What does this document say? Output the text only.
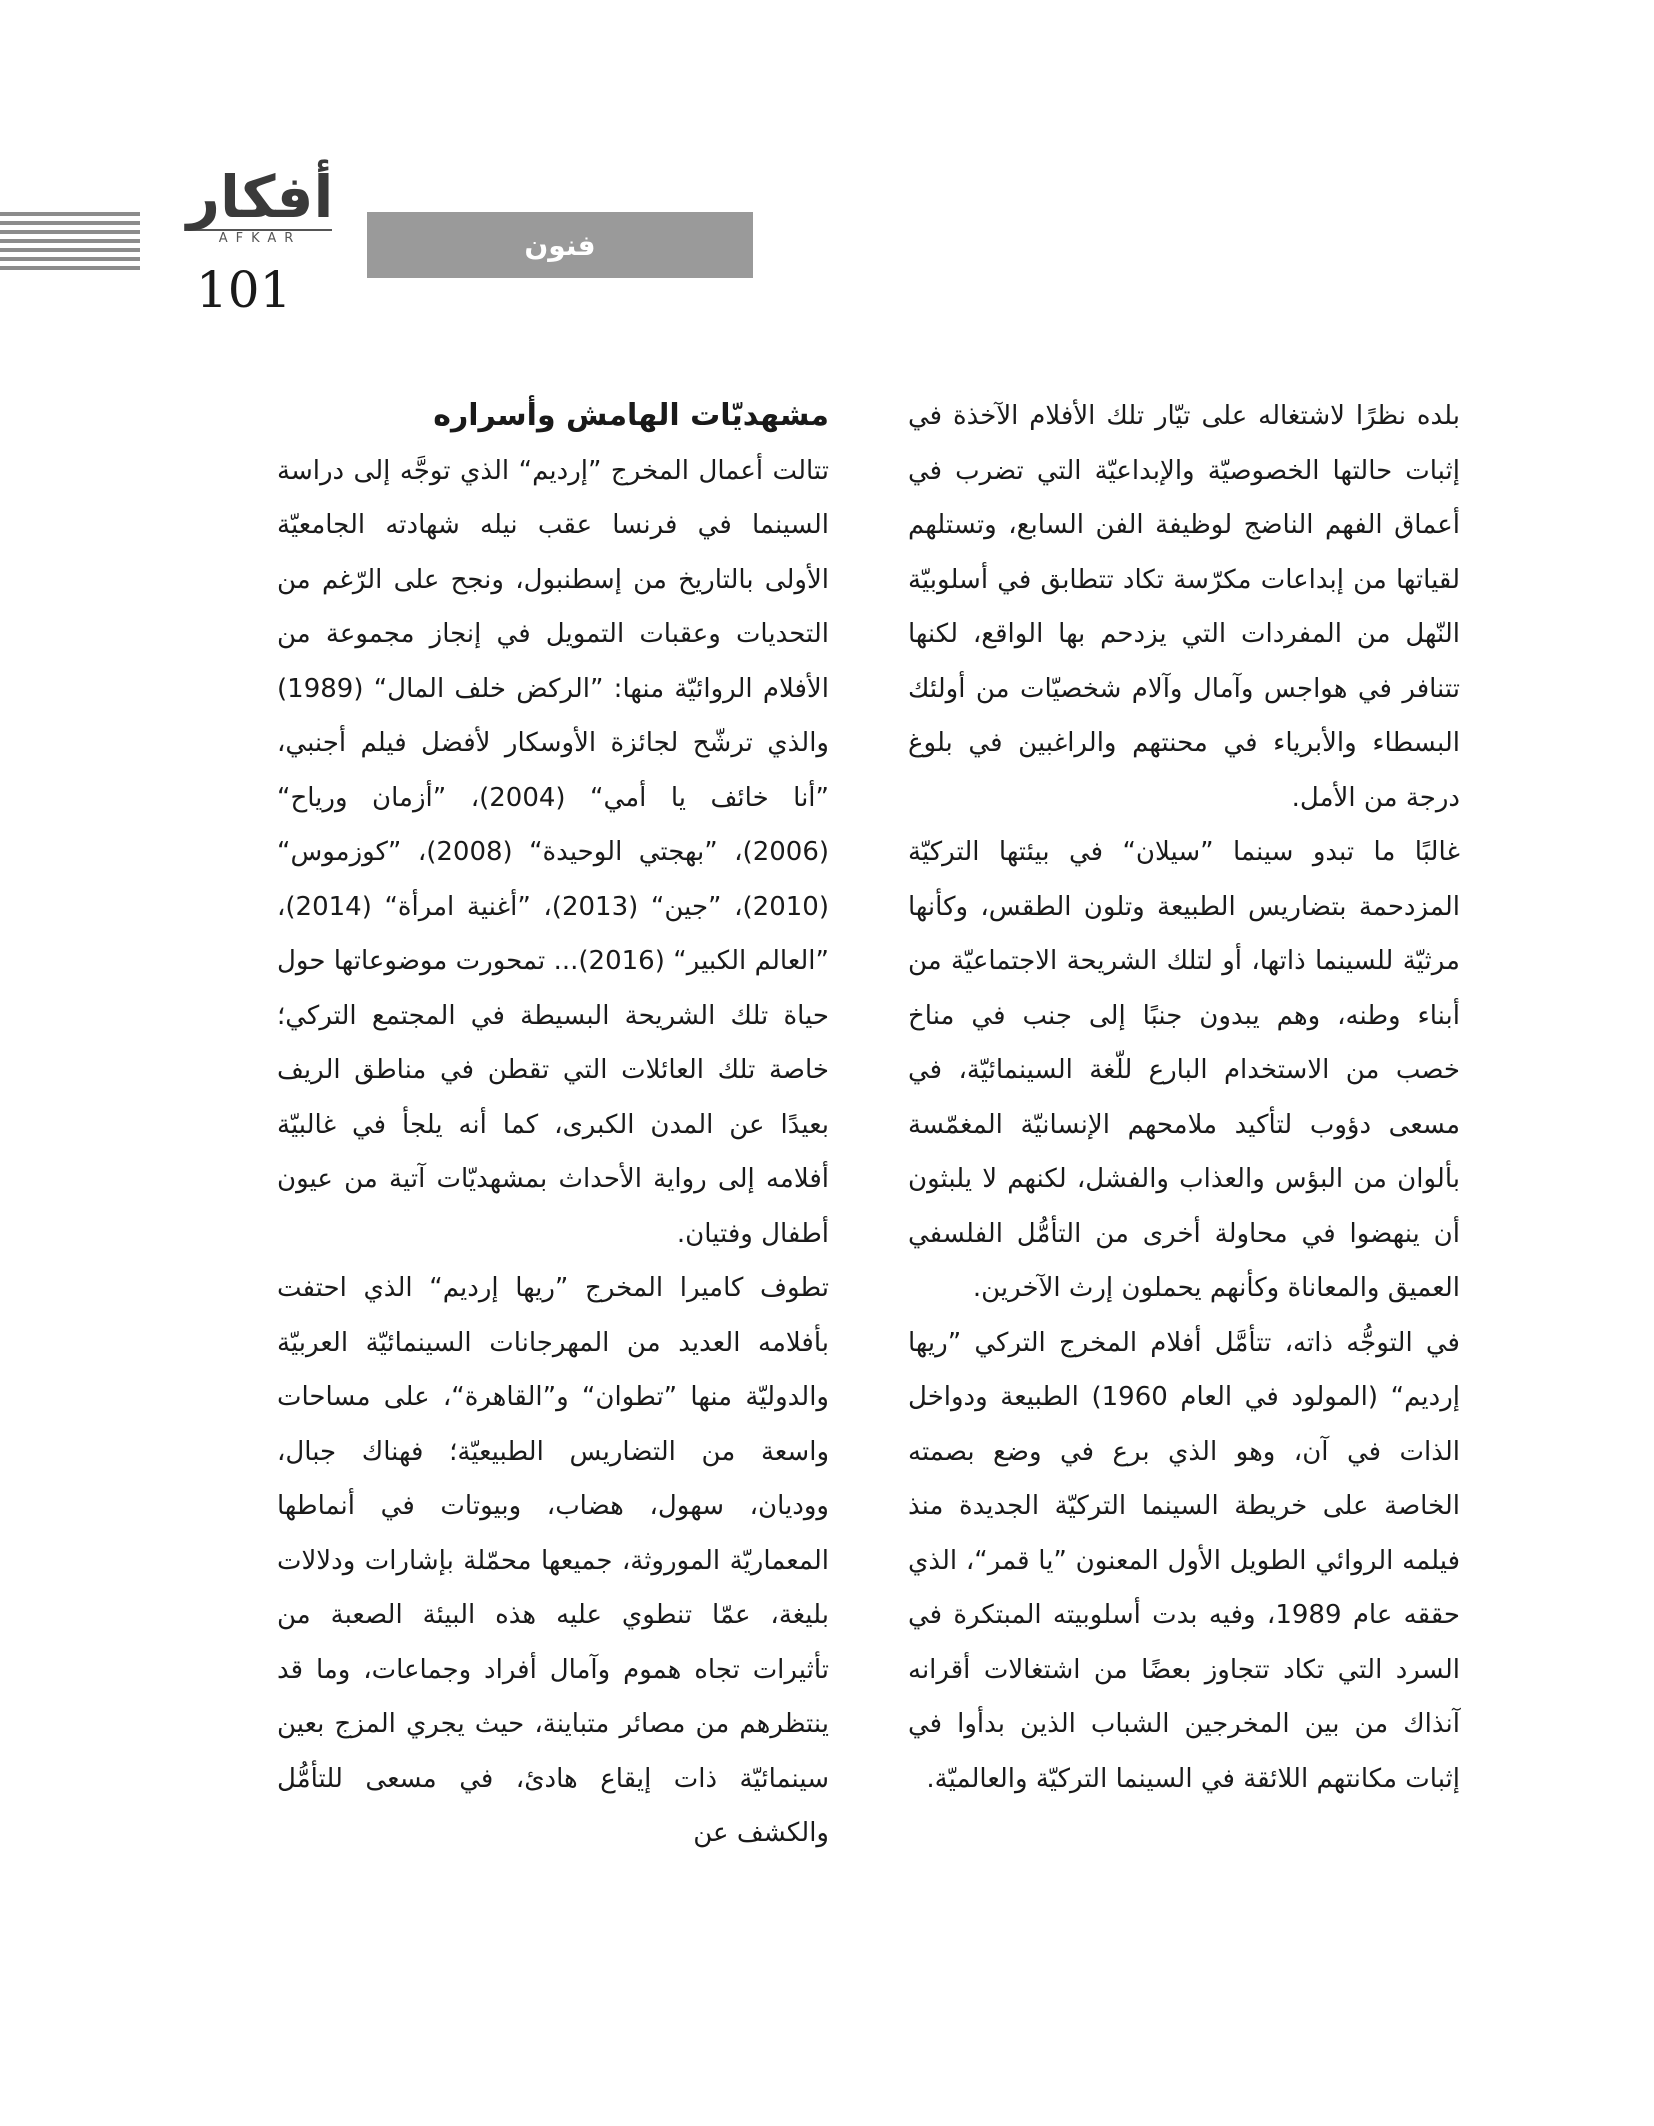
أفكار
AFKAR
101
فنون

بلده نظرًا لاشتغاله على تيّار تلك الأفلام الآخذة في إثبات حالتها الخصوصيّة والإبداعيّة التي تضرب في أعماق الفهم الناضج لوظيفة الفن السابع، وتستلهم لقياتها من إبداعات مكرّسة تكاد تتطابق في أسلوبيّة النّهل من المفردات التي يزدحم بها الواقع، لكنها تتنافر في هواجس وآمال وآلام شخصيّات من أولئك البسطاء والأبرياء في محنتهم والراغبين في بلوغ درجة من الأمل.

غالبًا ما تبدو سينما ”سيلان“ في بيئتها التركيّة المزدحمة بتضاريس الطبيعة وتلون الطقس، وكأنها مرثيّة للسينما ذاتها، أو لتلك الشريحة الاجتماعيّة من أبناء وطنه، وهم يبدون جنبًا إلى جنب في مناخ خصب من الاستخدام البارع للّغة السينمائيّة، في مسعى دؤوب لتأكيد ملامحهم الإنسانيّة المغمّسة بألوان من البؤس والعذاب والفشل، لكنهم لا يلبثون أن ينهضوا في محاولة أخرى من التأمُّل الفلسفي العميق والمعاناة وكأنهم يحملون إرث الآخرين.

في التوجُّه ذاته، تتأمَّل أفلام المخرج التركي ”ريها إرديم“ (المولود في العام 1960) الطبيعة ودواخل الذات في آن، وهو الذي برع في وضع بصمته الخاصة على خريطة السينما التركيّة الجديدة منذ فيلمه الروائي الطويل الأول المعنون ”يا قمر“، الذي حققه عام 1989، وفيه بدت أسلوبيته المبتكرة في السرد التي تكاد تتجاوز بعضًا من اشتغالات أقرانه آنذاك من بين المخرجين الشباب الذين بدأوا في إثبات مكانتهم اللائقة في السينما التركيّة والعالميّة.

مشهديّات الهامش وأسراره

تتالت أعمال المخرج ”إرديم“ الذي توجَّه إلى دراسة السينما في فرنسا عقب نيله شهادته الجامعيّة الأولى بالتاريخ من إسطنبول، ونجح على الرّغم من التحديات وعقبات التمويل في إنجاز مجموعة من الأفلام الروائيّة منها: ”الركض خلف المال“ (1989) والذي ترشّح لجائزة الأوسكار لأفضل فيلم أجنبي، ”أنا خائف يا أمي“ (2004)، ”أزمان ورياح“ (2006)، ”بهجتي الوحيدة“ (2008)، ”كوزموس“ (2010)، ”جين“ (2013)، ”أغنية امرأة“ (2014)، ”العالم الكبير“ (2016)... تمحورت موضوعاتها حول حياة تلك الشريحة البسيطة في المجتمع التركي؛ خاصة تلك العائلات التي تقطن في مناطق الريف بعيدًا عن المدن الكبرى، كما أنه يلجأ في غالبيّة أفلامه إلى رواية الأحداث بمشهديّات آتية من عيون أطفال وفتيان.

تطوف كاميرا المخرج ”ريها إرديم“ الذي احتفت بأفلامه العديد من المهرجانات السينمائيّة العربيّة والدوليّة منها ”تطوان“ و”القاهرة“، على مساحات واسعة من التضاريس الطبيعيّة؛ فهناك جبال، ووديان، سهول، هضاب، وبيوتات في أنماطها المعماريّة الموروثة، جميعها محمّلة بإشارات ودلالات بليغة، عمّا تنطوي عليه هذه البيئة الصعبة من تأثيرات تجاه هموم وآمال أفراد وجماعات، وما قد ينتظرهم من مصائر متباينة، حيث يجري المزج بعين سينمائيّة ذات إيقاع هادئ، في مسعى للتأمُّل والكشف عن
